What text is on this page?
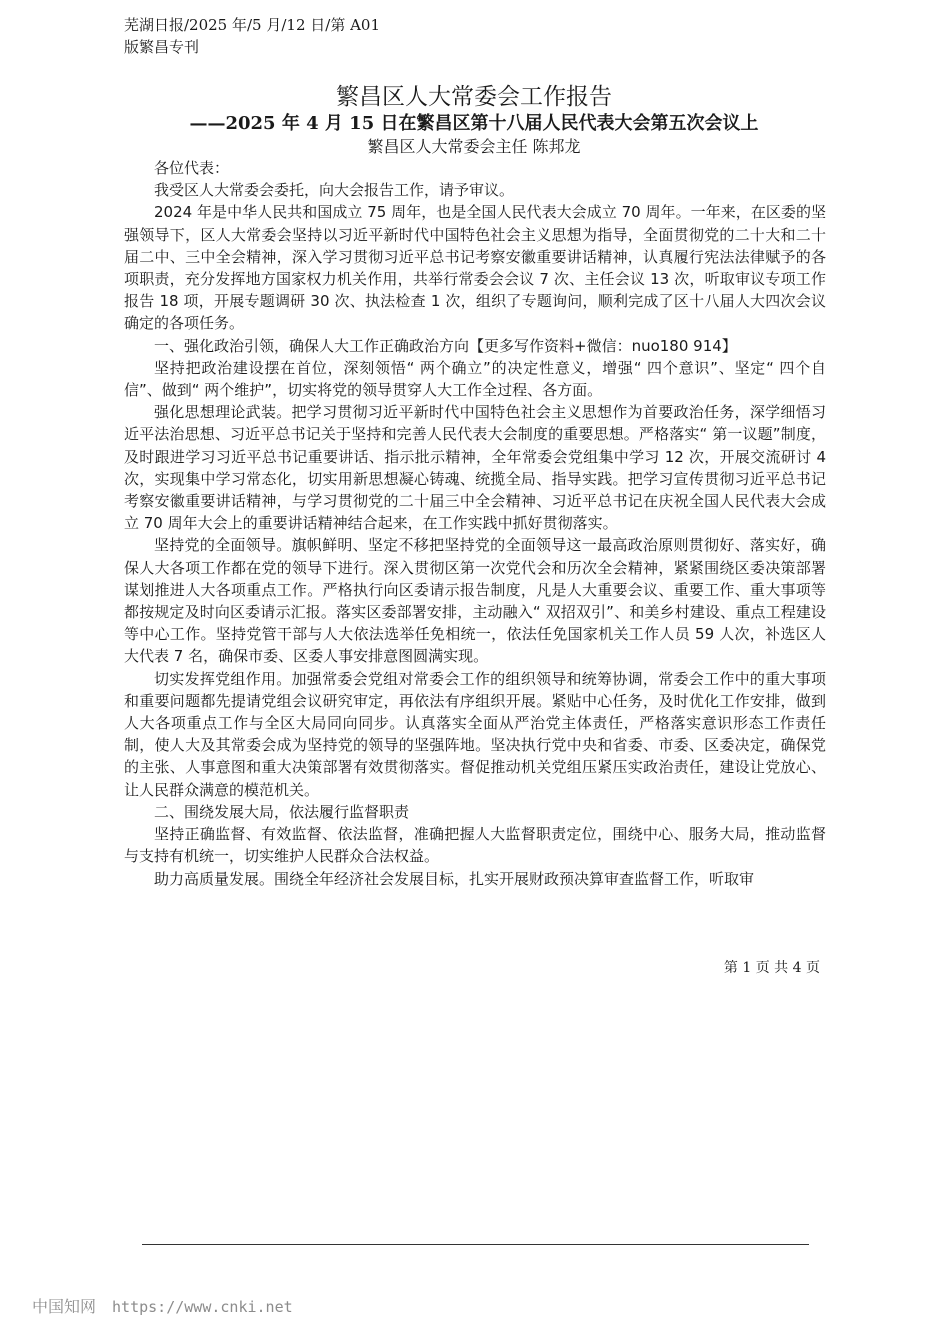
芜湖日报/2025 年/5 月/12 日/第 A01
版繁昌专刊
繁昌区人大常委会工作报告
——2025 年 4 月 15 日在繁昌区第十八届人民代表大会第五次会议上
繁昌区人大常委会主任 陈邦龙

各位代表：

我受区人大常委会委托，向大会报告工作，请予审议。

2024 年是中华人民共和国成立 75 周年，也是全国人民代表大会成立 70 周年。一年来，在区委的坚强领导下，区人大常委会坚持以习近平新时代中国特色社会主义思想为指导，全面贯彻党的二十大和二十届二中、三中全会精神，深入学习贯彻习近平总书记考察安徽重要讲话精神，认真履行宪法法律赋予的各项职责，充分发挥地方国家权力机关作用，共举行常委会会议 7 次、主任会议 13 次，听取审议专项工作报告 18 项，开展专题调研 30 次、执法检查 1 次，组织了专题询问，顺利完成了区十八届人大四次会议确定的各项任务。

一、强化政治引领，确保人大工作正确政治方向【更多写作资料+微信：nuo180 914】

坚持把政治建设摆在首位，深刻领悟“ 两个确立”的决定性意义，增强“ 四个意识”、坚定“ 四个自信”、做到“ 两个维护”，切实将党的领导贯穿人大工作全过程、各方面。

强化思想理论武装。把学习贯彻习近平新时代中国特色社会主义思想作为首要政治任务，深学细悟习近平法治思想、习近平总书记关于坚持和完善人民代表大会制度的重要思想。严格落实“ 第一议题”制度，及时跟进学习习近平总书记重要讲话、指示批示精神，全年常委会党组集中学习 12 次，开展交流研讨 4 次，实现集中学习常态化，切实用新思想凝心铸魂、统揽全局、指导实践。把学习宣传贯彻习近平总书记考察安徽重要讲话精神，与学习贯彻党的二十届三中全会精神、习近平总书记在庆祝全国人民代表大会成立 70 周年大会上的重要讲话精神结合起来，在工作实践中抓好贯彻落实。

坚持党的全面领导。旗帜鲜明、坚定不移把坚持党的全面领导这一最高政治原则贯彻好、落实好，确保人大各项工作都在党的领导下进行。深入贯彻区第一次党代会和历次全会精神，紧紧围绕区委决策部署谋划推进人大各项重点工作。严格执行向区委请示报告制度，凡是人大重要会议、重要工作、重大事项等都按规定及时向区委请示汇报。落实区委部署安排，主动融入“ 双招双引”、和美乡村建设、重点工程建设等中心工作。坚持党管干部与人大依法选举任免相统一，依法任免国家机关工作人员 59 人次，补选区人大代表 7 名，确保市委、区委人事安排意图圆满实现。

切实发挥党组作用。加强常委会党组对常委会工作的组织领导和统筹协调，常委会工作中的重大事项和重要问题都先提请党组会议研究审定，再依法有序组织开展。紧贴中心任务，及时优化工作安排，做到人大各项重点工作与全区大局同向同步。认真落实全面从严治党主体责任，严格落实意识形态工作责任制，使人大及其常委会成为坚持党的领导的坚强阵地。坚决执行党中央和省委、市委、区委决定，确保党的主张、人事意图和重大决策部署有效贯彻落实。督促推动机关党组压紧压实政治责任，建设让党放心、让人民群众满意的模范机关。

二、围绕发展大局，依法履行监督职责

坚持正确监督、有效监督、依法监督，准确把握人大监督职责定位，围绕中心、服务大局，推动监督与支持有机统一，切实维护人民群众合法权益。

助力高质量发展。围绕全年经济社会发展目标，扎实开展财政预决算审查监督工作，听取审

第 1 页 共 4 页
中国知网 https://www.cnki.net
